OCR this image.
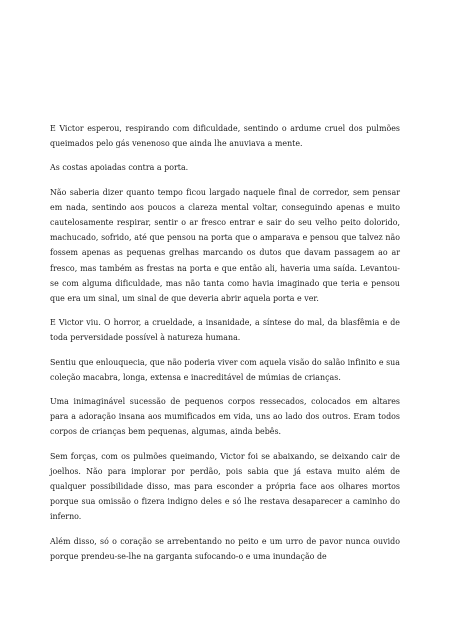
E Victor esperou, respirando com dificuldade, sentindo o ardume cruel dos pulmões queimados pelo gás venenoso que ainda lhe anuviava a mente.

As costas apoiadas contra a porta.

Não saberia dizer quanto tempo ficou largado naquele final de corredor, sem pensar em nada, sentindo aos poucos a clareza mental voltar, conseguindo apenas e muito cautelosamente respirar, sentir o ar fresco entrar e sair do seu velho peito dolorido, machucado, sofrido, até que pensou na porta que o amparava e pensou que talvez não fossem apenas as pequenas grelhas marcando os dutos que davam passagem ao ar fresco, mas também as frestas na porta e que então ali, haveria uma saída. Levantou-se com alguma dificuldade, mas não tanta como havia imaginado que teria e pensou que era um sinal, um sinal de que deveria abrir aquela porta e ver.

E Victor viu. O horror, a crueldade, a insanidade, a síntese do mal, da blasfêmia e de toda perversidade possível à natureza humana.

Sentiu que enlouquecia, que não poderia viver com aquela visão do salão infinito e sua coleção macabra, longa, extensa e inacreditável de múmias de crianças.

Uma inimaginável sucessão de pequenos corpos ressecados, colocados em altares para a adoração insana aos mumificados em vida, uns ao lado dos outros. Eram todos corpos de crianças bem pequenas, algumas, ainda bebês.

Sem forças, com os pulmões queimando, Victor foi se abaixando, se deixando cair de joelhos. Não para implorar por perdão, pois sabia que já estava muito além de qualquer possibilidade disso, mas para esconder a própria face aos olhares mortos porque sua omissão o fizera indigno deles e só lhe restava desaparecer a caminho do inferno.

Além disso, só o coração se arrebentando no peito e um urro de pavor nunca ouvido porque prendeu-se-lhe na garganta sufocando-o e uma inundação de
